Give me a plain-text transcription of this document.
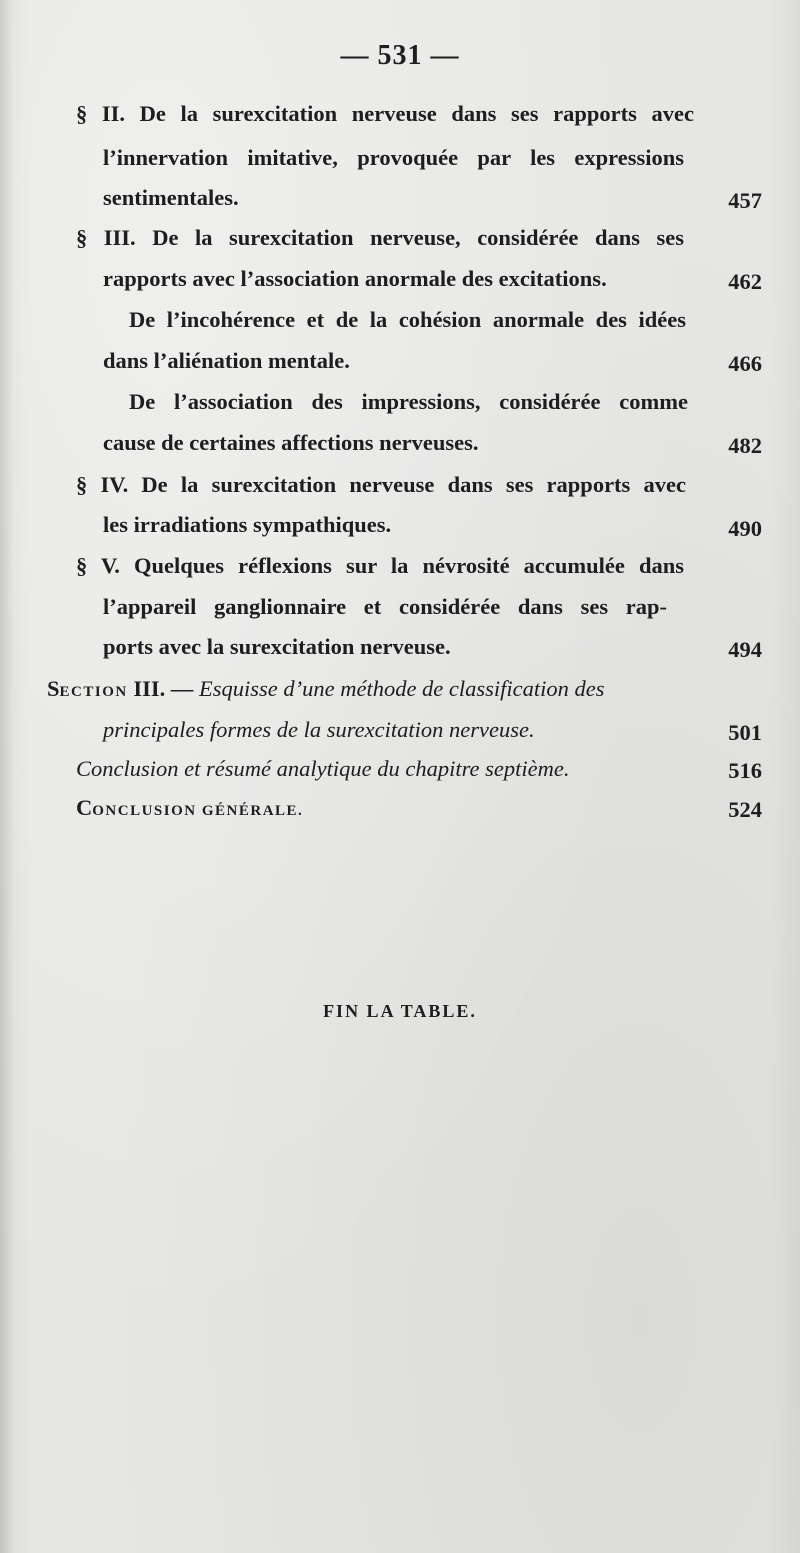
— 531 —
§ II. De la surexcitation nerveuse dans ses rapports avec
l’innervation imitative, provoquée par les expressions
sentimentales.	457
§ III. De la surexcitation nerveuse, considérée dans ses
rapports avec l’association anormale des excitations.	462
De l’incohérence et de la cohésion anormale des idées
dans l’aliénation mentale.	466
De l’association des impressions, considérée comme
cause de certaines affections nerveuses.	482
§ IV. De la surexcitation nerveuse dans ses rapports avec
les irradiations sympathiques.	490
§ V. Quelques réflexions sur la névrosité accumulée dans
l’appareil ganglionnaire et considérée dans ses rap-
ports avec la surexcitation nerveuse.	494
SECTION III. — Esquisse d’une méthode de classification des
principales formes de la surexcitation nerveuse.	501
Conclusion et résumé analytique du chapitre septième.	516
CONCLUSION GÉNÉRALE.	524
FIN LA TABLE.
